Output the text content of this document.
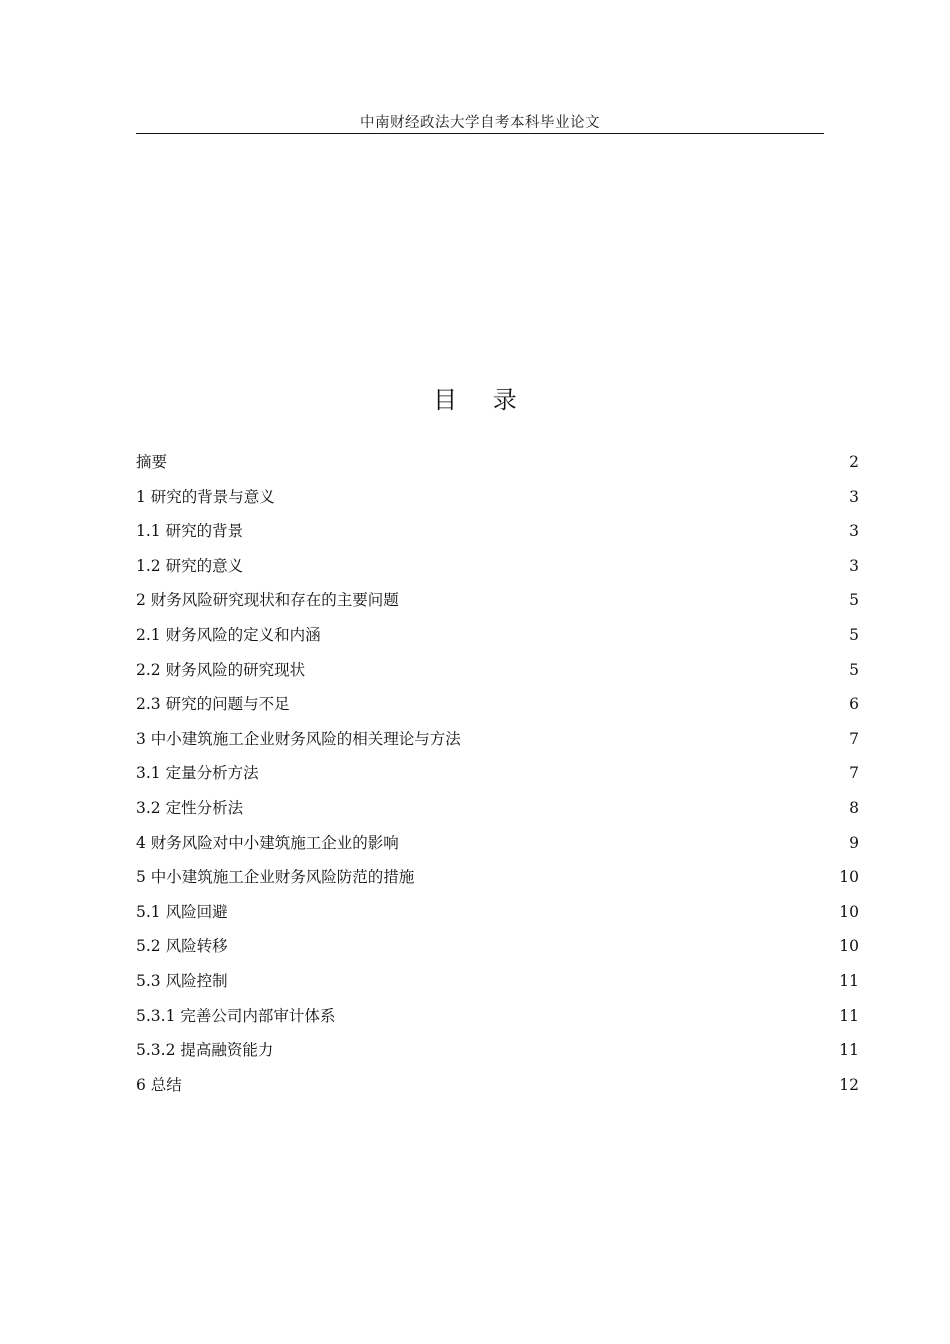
中南财经政法大学自考本科毕业论文
目 录
摘要	2
1 研究的背景与意义	3
1.1 研究的背景	3
1.2 研究的意义	3
2 财务风险研究现状和存在的主要问题	5
2.1 财务风险的定义和内涵	5
2.2 财务风险的研究现状	5
2.3 研究的问题与不足	6
3 中小建筑施工企业财务风险的相关理论与方法	7
3.1 定量分析方法	7
3.2 定性分析法	8
4 财务风险对中小建筑施工企业的影响	9
5 中小建筑施工企业财务风险防范的措施	10
5.1 风险回避	10
5.2 风险转移	10
5.3 风险控制	11
5.3.1 完善公司内部审计体系	11
5.3.2 提高融资能力	11
6 总结	12
